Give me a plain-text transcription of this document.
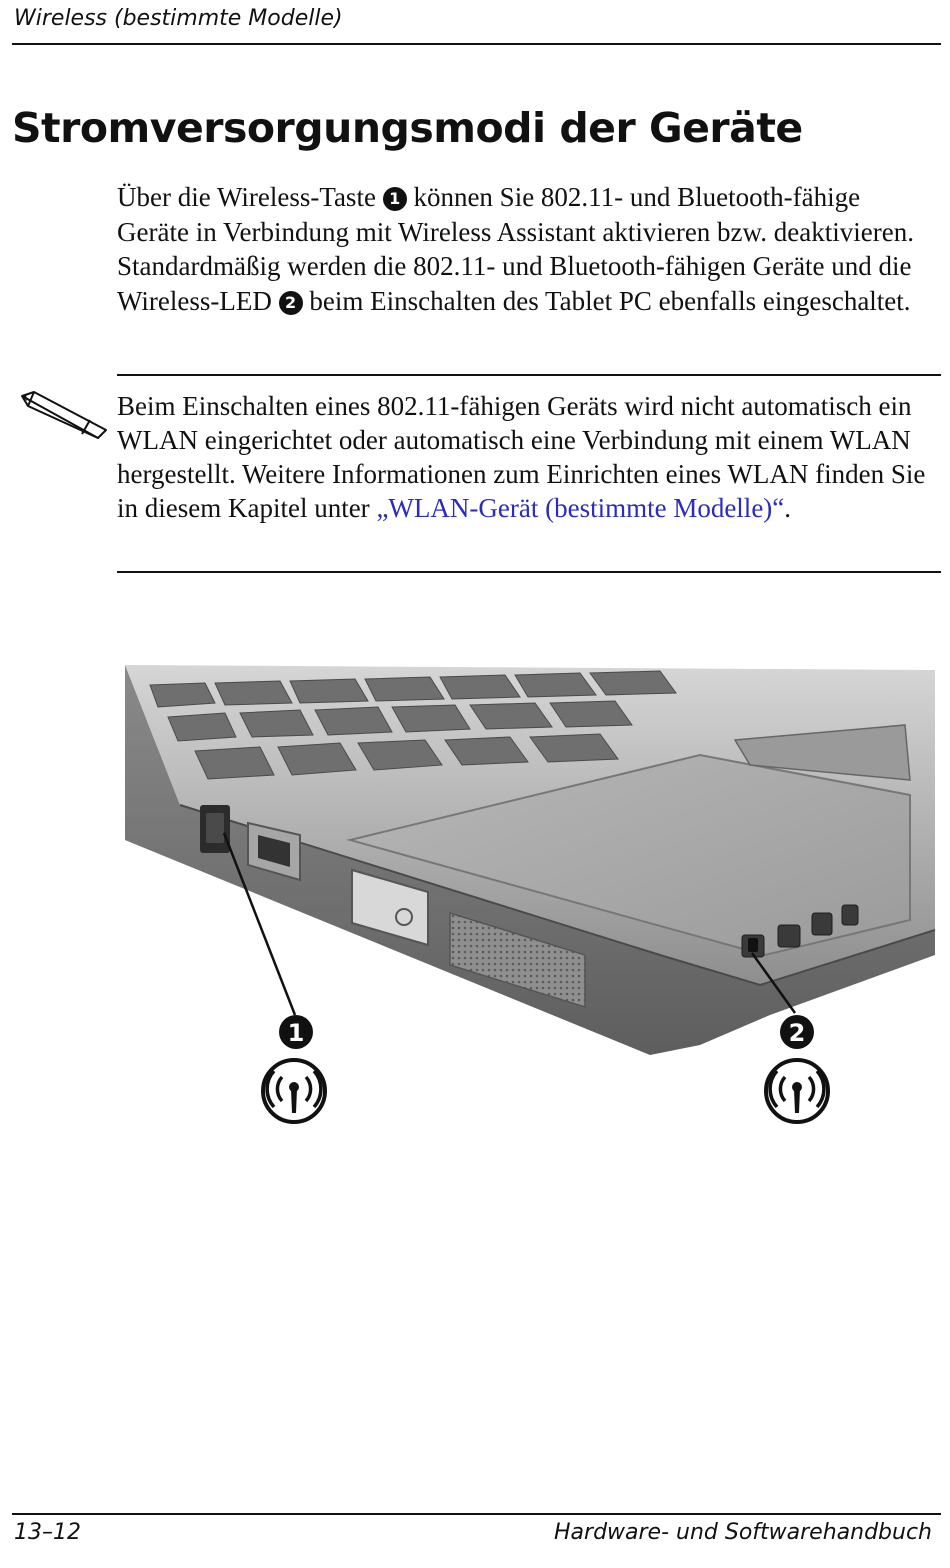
Wireless (bestimmte Modelle)
Stromversorgungsmodi der Geräte

Über die Wireless-Taste 1 können Sie 802.11- und Bluetooth-fähige Geräte in Verbindung mit Wireless Assistant aktivieren bzw. deaktivieren. Standardmäßig werden die 802.11- und Bluetooth-fähigen Geräte und die Wireless-LED 2 beim Einschalten des Tablet PC ebenfalls eingeschaltet.

Beim Einschalten eines 802.11-fähigen Geräts wird nicht automatisch ein WLAN eingerichtet oder automatisch eine Verbindung mit einem WLAN hergestellt. Weitere Informationen zum Einrichten eines WLAN finden Sie in diesem Kapitel unter „WLAN-Gerät (bestimmte Modelle)“.

1	2
13–12	Hardware- und Softwarehandbuch
